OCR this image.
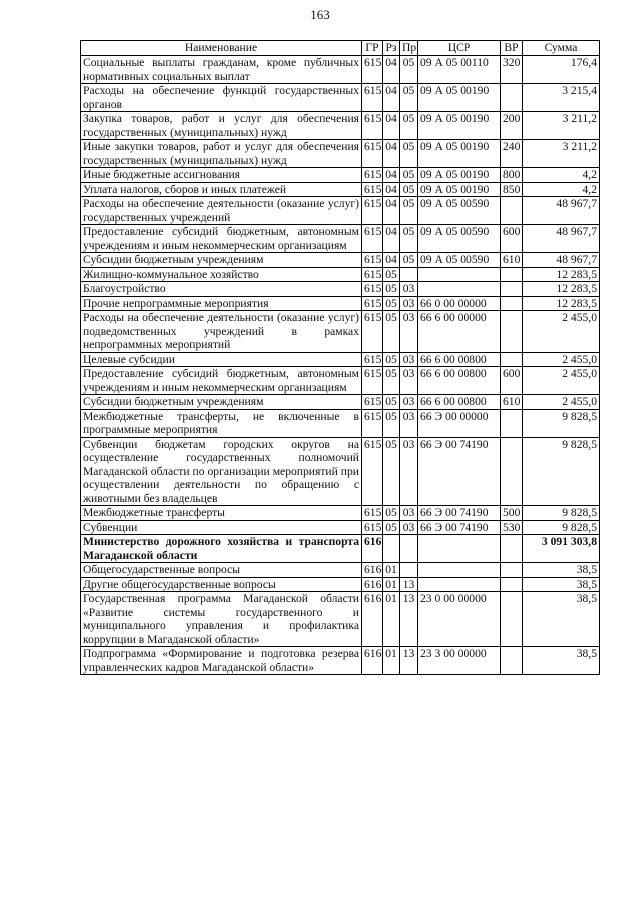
163
Наименование	ГР	Рз	Пр	ЦСР	ВР	Сумма
Социальные выплаты гражданам, кроме публичных нормативных социальных выплат	615	04	05	09 А 05 00110	320	176,4
Расходы на обеспечение функций государственных органов	615	04	05	09 А 05 00190		3 215,4
Закупка товаров, работ и услуг для обеспечения государственных (муниципальных) нужд	615	04	05	09 А 05 00190	200	3 211,2
Иные закупки товаров, работ и услуг для обеспечения государственных (муниципальных) нужд	615	04	05	09 А 05 00190	240	3 211,2
Иные бюджетные ассигнования	615	04	05	09 А 05 00190	800	4,2
Уплата налогов, сборов и иных платежей	615	04	05	09 А 05 00190	850	4,2
Расходы на обеспечение деятельности (оказание услуг) государственных учреждений	615	04	05	09 А 05 00590		48 967,7
Предоставление субсидий бюджетным, автономным учреждениям и иным некоммерческим организациям	615	04	05	09 А 05 00590	600	48 967,7
Субсидии бюджетным учреждениям	615	04	05	09 А 05 00590	610	48 967,7
Жилищно-коммунальное хозяйство	615	05				12 283,5
Благоустройство	615	05	03			12 283,5
Прочие непрограммные мероприятия	615	05	03	66 0 00 00000		12 283,5
Расходы на обеспечение деятельности (оказание услуг) подведомственных учреждений в рамках непрограммных мероприятий	615	05	03	66 6 00 00000		2 455,0
Целевые субсидии	615	05	03	66 6 00 00800		2 455,0
Предоставление субсидий бюджетным, автономным учреждениям и иным некоммерческим организациям	615	05	03	66 6 00 00800	600	2 455,0
Субсидии бюджетным учреждениям	615	05	03	66 6 00 00800	610	2 455,0
Межбюджетные трансферты, не включенные в программные мероприятия	615	05	03	66 Э 00 00000		9 828,5
Субвенции бюджетам городских округов на осуществление государственных полномочий Магаданской области по организации мероприятий при осуществлении деятельности по обращению с животными без владельцев	615	05	03	66 Э 00 74190		9 828,5
Межбюджетные трансферты	615	05	03	66 Э 00 74190	500	9 828,5
Субвенции	615	05	03	66 Э 00 74190	530	9 828,5
Министерство дорожного хозяйства и транспорта Магаданской области	616					3 091 303,8
Общегосударственные вопросы	616	01				38,5
Другие общегосударственные вопросы	616	01	13			38,5
Государственная программа Магаданской области «Развитие системы государственного и муниципального управления и профилактика коррупции в Магаданской области»	616	01	13	23 0 00 00000		38,5
Подпрограмма «Формирование и подготовка резерва управленческих кадров Магаданской области»	616	01	13	23 3 00 00000		38,5
